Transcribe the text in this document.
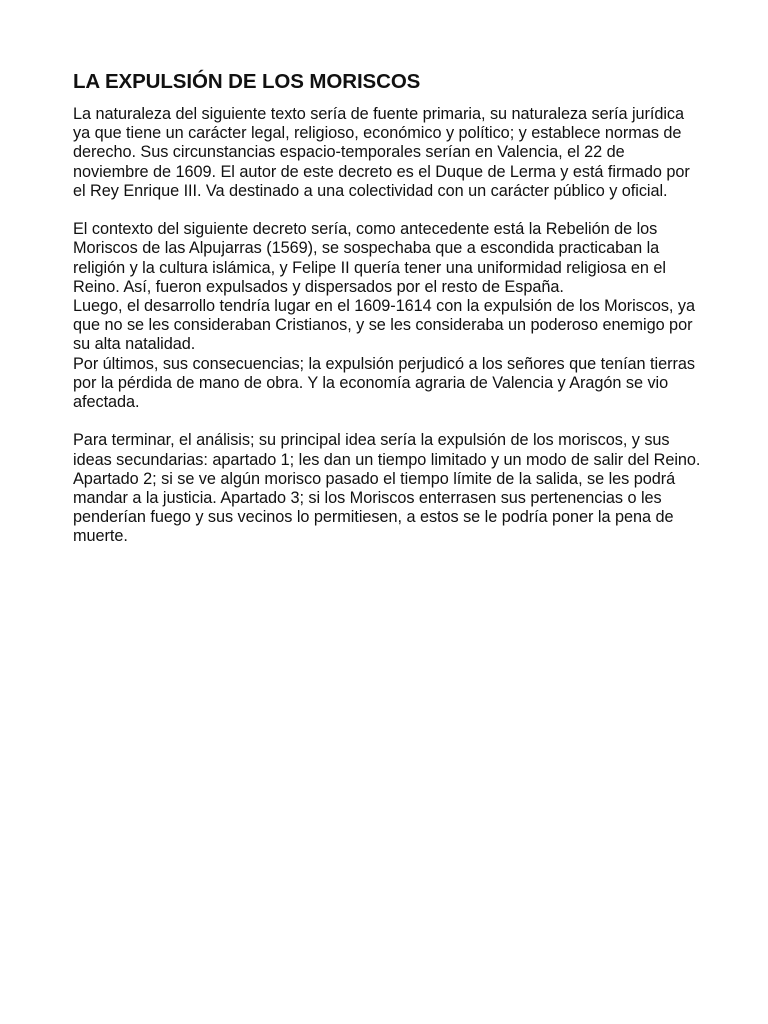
LA EXPULSIÓN DE LOS MORISCOS

La naturaleza del siguiente texto sería de fuente primaria, su naturaleza sería jurídica ya que tiene un carácter legal, religioso, económico y político; y establece normas de derecho. Sus circunstancias espacio-temporales serían en Valencia, el 22 de noviembre de 1609. El autor de este decreto es el Duque de Lerma y está firmado por el Rey Enrique III. Va destinado a una colectividad con un carácter público y oficial.

El contexto del siguiente decreto sería, como antecedente está la Rebelión de los Moriscos de las Alpujarras (1569), se sospechaba que a escondida practicaban la religión y la cultura islámica, y Felipe II quería tener una uniformidad religiosa en el Reino. Así, fueron expulsados y dispersados por el resto de España.

Luego, el desarrollo tendría lugar en el 1609-1614 con la expulsión de los Moriscos, ya que no se les consideraban Cristianos, y se les consideraba un poderoso enemigo por su alta natalidad.

Por últimos, sus consecuencias; la expulsión perjudicó a los señores que tenían tierras por la pérdida de mano de obra. Y la economía agraria de Valencia y Aragón se vio afectada.

Para terminar, el análisis; su principal idea sería la expulsión de los moriscos, y sus ideas secundarias: apartado 1; les dan un tiempo limitado y un modo de salir del Reino. Apartado 2; si se ve algún morisco pasado el tiempo límite de la salida, se les podrá mandar a la justicia. Apartado 3; si los Moriscos enterrasen sus pertenencias o les penderían fuego y sus vecinos lo permitiesen, a estos se le podría poner la pena de muerte.
